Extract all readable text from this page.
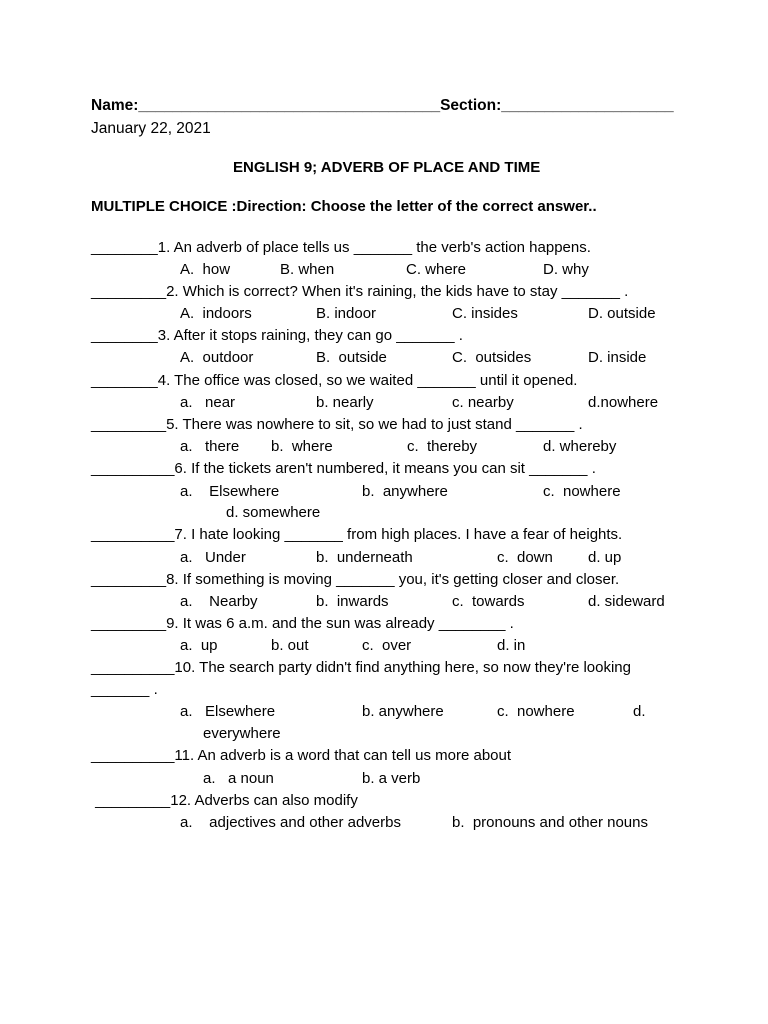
Name:___________________________________Section:____________________
January 22, 2021
ENGLISH 9; ADVERB OF PLACE AND TIME
MULTIPLE CHOICE :Direction: Choose the letter of the correct answer..
________1. An adverb of place tells us _______ the verb's action happens.
A.  how	B. when	C. where	D. why
_________2. Which is correct? When it's raining, the kids have to stay _______ .
A.  indoors	B. indoor	C. insides	D. outside
________3. After it stops raining, they can go _______ .
A.  outdoor	B.  outside	C.  outsides	D. inside
________4. The office was closed, so we waited _______ until it opened.
a.   near	b. nearly	c. nearby	d.nowhere
_________5. There was nowhere to sit, so we had to just stand _______ .
a.   there b.  where	c.  thereby	d. whereby
__________6. If the tickets aren't numbered, it means you can sit _______ .
a.    Elsewhere	b.  anywhere	c.  nowhere
d. somewhere
__________7. I hate looking _______ from high places. I have a fear of heights.
a.   Under	b.  underneath	c.  down d. up
_________8. If something is moving _______ you, it's getting closer and closer.
a.    Nearby	b.  inwards	c.  towards	d. sideward
_________9. It was 6 a.m. and the sun was already ________ .
a.  up	b. out	c.  over	d. in
__________10. The search party didn't find anything here, so now they're looking
_______ .
a.   Elsewhere	b. anywhere	c.  nowhere	d.
everywhere
__________11. An adverb is a word that can tell us more about
a.   a noun	b. a verb
_________12. Adverbs can also modify
a.    adjectives and other adverbs	b.  pronouns and other nouns
